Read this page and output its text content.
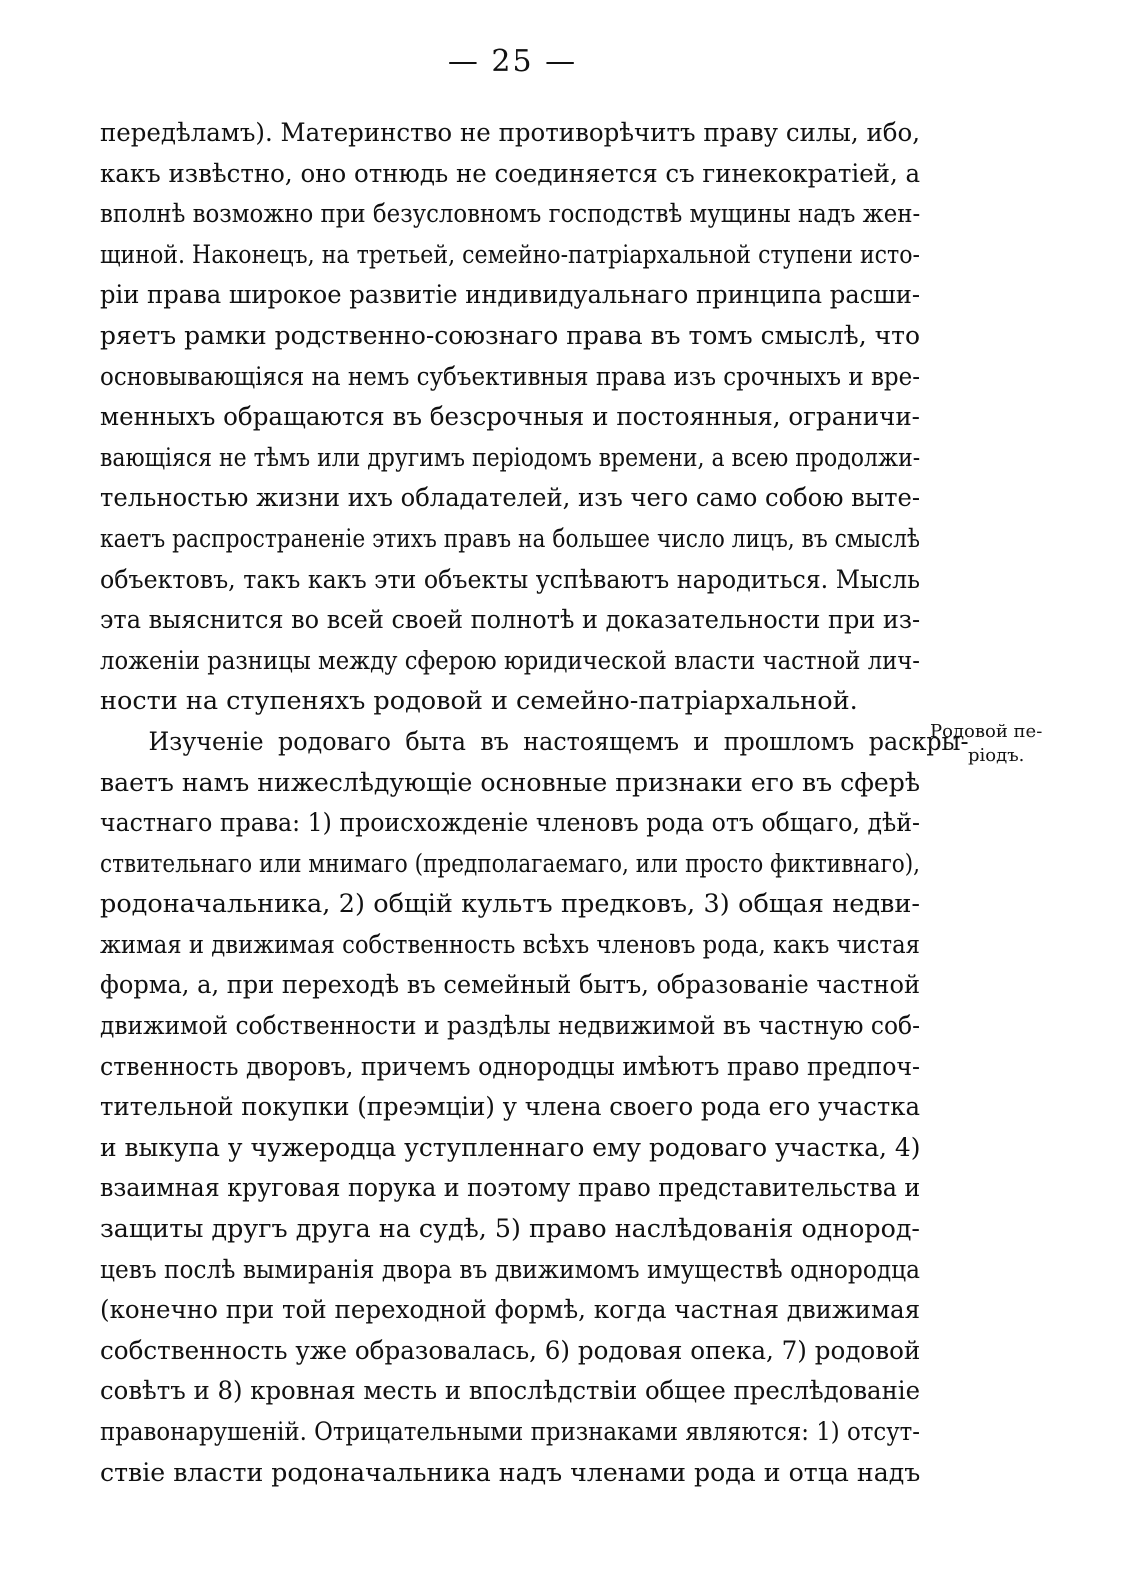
— 25 —
передѣламъ). Материнство не противорѣчитъ праву силы, ибо,
какъ извѣстно, оно отнюдь не соединяется съ гинекократіей, а
вполнѣ возможно при безусловномъ господствѣ мущины надъ жен-
щиной. Наконецъ, на третьей, семейно-патріархальной ступени исто-
ріи права широкое развитіе индивидуальнаго принципа расши-
ряетъ рамки родственно-союзнаго права въ томъ смыслѣ, что
основывающіяся на немъ субъективныя права изъ срочныхъ и вре-
менныхъ обращаются въ безсрочныя и постоянныя, ограничи-
вающіяся не тѣмъ или другимъ періодомъ времени, а всею продолжи-
тельностью жизни ихъ обладателей, изъ чего само собою выте-
каетъ распространеніе этихъ правъ на большее число лицъ, въ смыслѣ
объектовъ, такъ какъ эти объекты успѣваютъ народиться. Мысль
эта выяснится во всей своей полнотѣ и доказательности при из-
ложеніи разницы между сферою юридической власти частной лич-
ности на ступеняхъ родовой и семейно-патріархальной.
Изученіе родоваго быта въ настоящемъ и прошломъ раскры-
ваетъ намъ нижеслѣдующіе основные признаки его въ сферѣ
частнаго права: 1) происхожденіе членовъ рода отъ общаго, дѣй-
ствительнаго или мнимаго (предполагаемаго, или просто фиктивнаго),
родоначальника, 2) общій культъ предковъ, 3) общая недви-
жимая и движимая собственность всѣхъ членовъ рода, какъ чистая
форма, а, при переходѣ въ семейный бытъ, образованіе частной
движимой собственности и раздѣлы недвижимой въ частную соб-
ственность дворовъ, причемъ однородцы имѣютъ право предпоч-
тительной покупки (преэмціи) у члена своего рода его участка
и выкупа у чужеродца уступленнаго ему родоваго участка, 4)
взаимная круговая порука и поэтому право представительства и
защиты другъ друга на судѣ, 5) право наслѣдованія однород-
цевъ послѣ вымиранія двора въ движимомъ имуществѣ однородца
(конечно при той переходной формѣ, когда частная движимая
собственность уже образовалась, 6) родовая опека, 7) родовой
совѣтъ и 8) кровная месть и впослѣдствіи общее преслѣдованіе
правонарушеній. Отрицательными признаками являются: 1) отсут-
ствіе власти родоначальника надъ членами рода и отца надъ
Родовой пе-
ріодъ.
